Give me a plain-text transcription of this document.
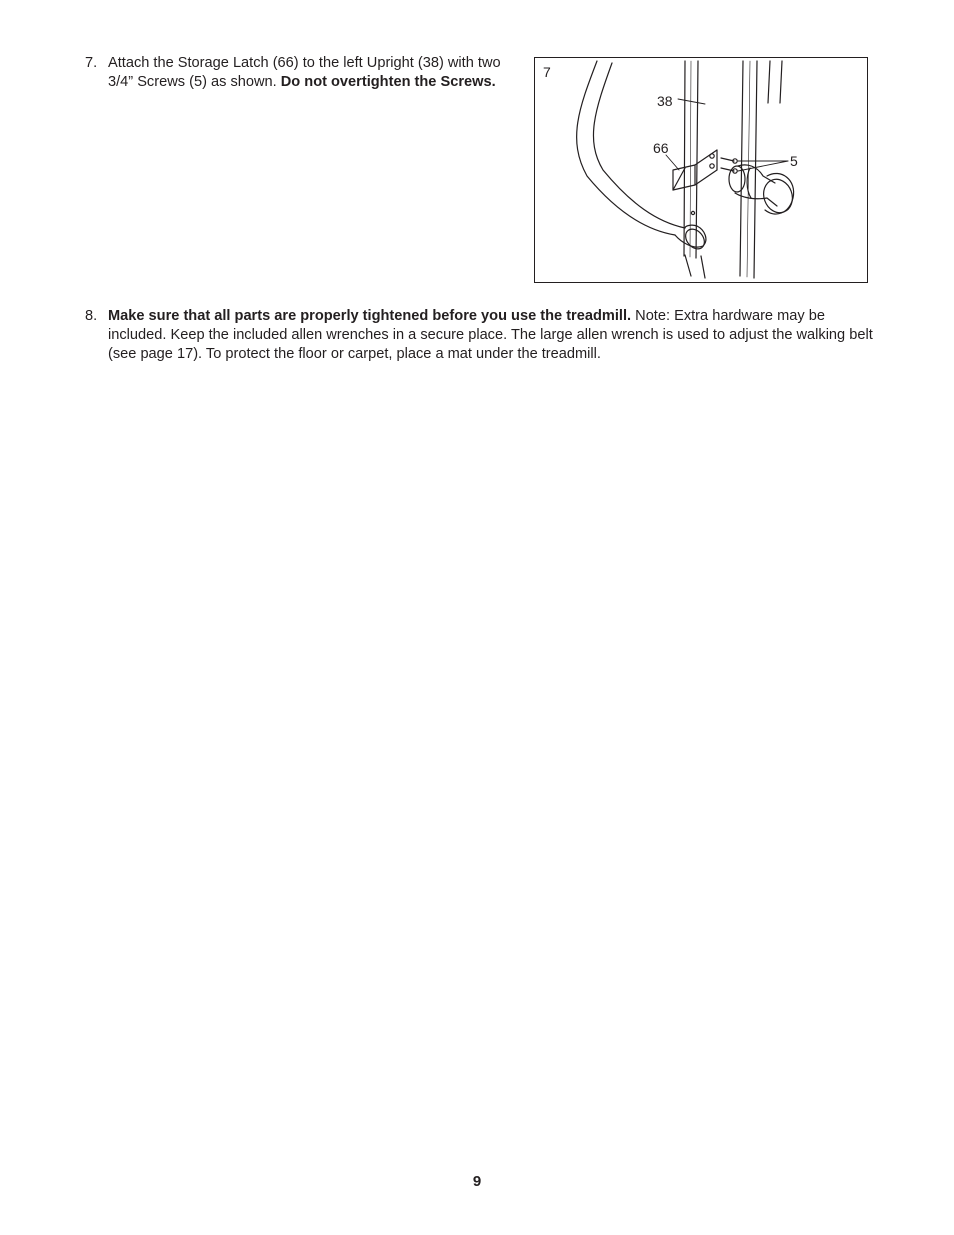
7. Attach the Storage Latch (66) to the left Upright (38) with two 3/4” Screws (5) as shown. Do not overtighten the Screws.
7
38
66
5
8. Make sure that all parts are properly tightened before you use the treadmill. Note: Extra hardware may be included. Keep the included allen wrenches in a secure place. The large allen wrench is used to adjust the walking belt (see page 17). To protect the floor or carpet, place a mat under the treadmill.
9
